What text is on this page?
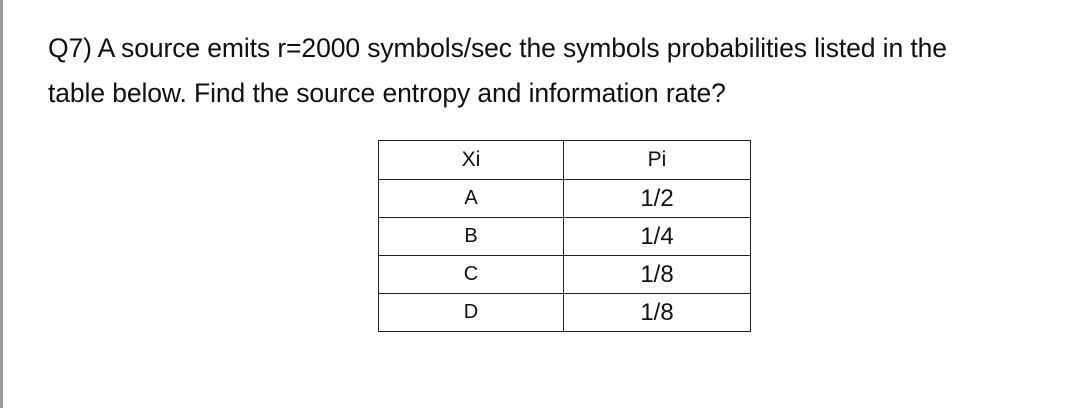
Q7) A source emits r=2000 symbols/sec the symbols probabilities listed in the
table below. Find the source entropy and information rate?
Xi	Pi
A	1/2
B	1/4
C	1/8
D	1/8
